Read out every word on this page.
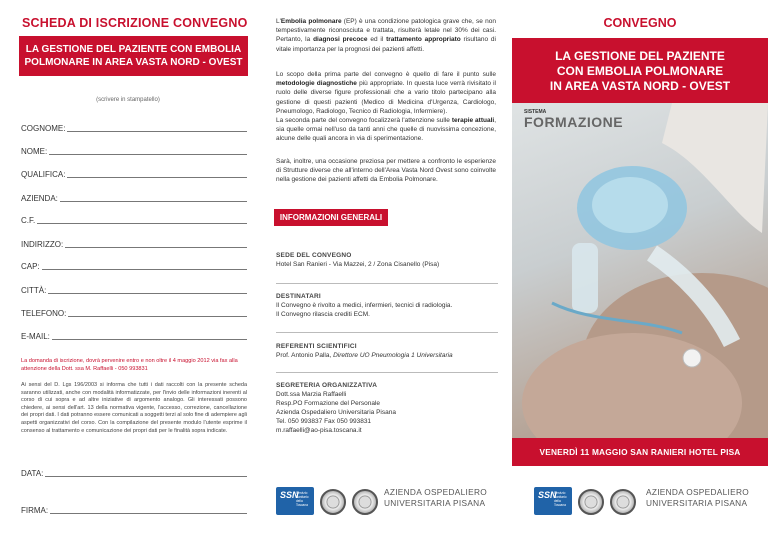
SCHEDA DI ISCRIZIONE CONVEGNO
LA GESTIONE DEL PAZIENTE CON EMBOLIA
POLMONARE IN AREA VASTA NORD - OVEST
(scrivere in stampatello)
COGNOME:
NOME:
QUALIFICA:
AZIENDA:
C.F.
INDIRIZZO:
CAP:
CITTÀ:
TELEFONO:
E-MAIL:
La domanda di iscrizione, dovrà pervenire entro e non oltre il 4 maggio 2012 via fax alla attenzione della Dott. ssa M. Raffaelli - 050 993831
Ai sensi del D. Lgs 196/2003 si informa che tutti i dati raccolti con la presente scheda saranno utilizzati, anche con modalità informatizzate, per l'invio delle informazioni inerenti al corso di cui sopra e ad altre iniziative di argomento analogo. Gli interessati possono chiedere, ai sensi dell'art. 13 della normativa vigente, l'accesso, correzione, cancellazione dei propri dati. I dati potranno essere comunicati a soggetti terzi al solo fine di adempiere agli aspetti organizzativi del corso. Con la compilazione del presente modulo l'utente esprime il consenso al trattamento e comunicazione dei propri dati per le finalità sopra indicate.
DATA:
FIRMA:
L'Embolia polmonare (EP) è una condizione patologica grave che, se non tempestivamente riconosciuta e trattata, risulterà letale nel 30% dei casi. Pertanto, la diagnosi precoce ed il trattamento appropriato risultano di vitale importanza per la prognosi dei pazienti affetti.
Lo scopo della prima parte del convegno è quello di fare il punto sulle metodologie diagnostiche più appropriate. In questa luce verrà rivisitato il ruolo delle diverse figure professionali che a vario titolo partecipano alla gestione di questi pazienti (Medico di Medicina d'Urgenza, Cardiologo, Pneumologo, Radiologo, Tecnico di Radiologia, Infermiere).
La seconda parte del convegno focalizzerà l'attenzione sulle terapie attuali, sia quelle ormai nell'uso da tanti anni che quelle di nuovissima concezione, alcune delle quali ancora in via di sperimentazione.
Sarà, inoltre, una occasione preziosa per mettere a confronto le esperienze di Strutture diverse che all'interno dell'Area Vasta Nord Ovest sono coinvolte nella gestione dei pazienti affetti da Embolia Polmonare.
INFORMAZIONI GENERALI
SEDE DEL CONVEGNO
Hotel San Ranieri - Via Mazzei, 2 / Zona Cisanello (Pisa)
DESTINATARI
Il Convegno è rivolto a medici, infermieri, tecnici di radiologia.
Il Convegno rilascia crediti ECM.
REFERENTI SCIENTIFICI
Prof. Antonio Palla, Direttore UO Pneumologia 1 Universitaria
SEGRETERIA ORGANIZZATIVA
Dott.ssa Marzia Raffaelli
Resp.PO Formazione del Personale
Azienda Ospedaliero Universitaria Pisana
Tel. 050 993837 Fax 050 993831
m.raffaelli@ao-pisa.toscana.it
SSN
Servizio Sanitario della Toscana
AZIENDA OSPEDALIERO
UNIVERSITARIA PISANA
CONVEGNO
LA GESTIONE DEL PAZIENTE
CON EMBOLIA POLMONARE
IN AREA VASTA NORD - OVEST
SISTEMA
FORMAZIONE
VENERDÌ 11 MAGGIO SAN RANIERI HOTEL PISA
SSN
Servizio Sanitario della Toscana
AZIENDA OSPEDALIERO
UNIVERSITARIA PISANA
